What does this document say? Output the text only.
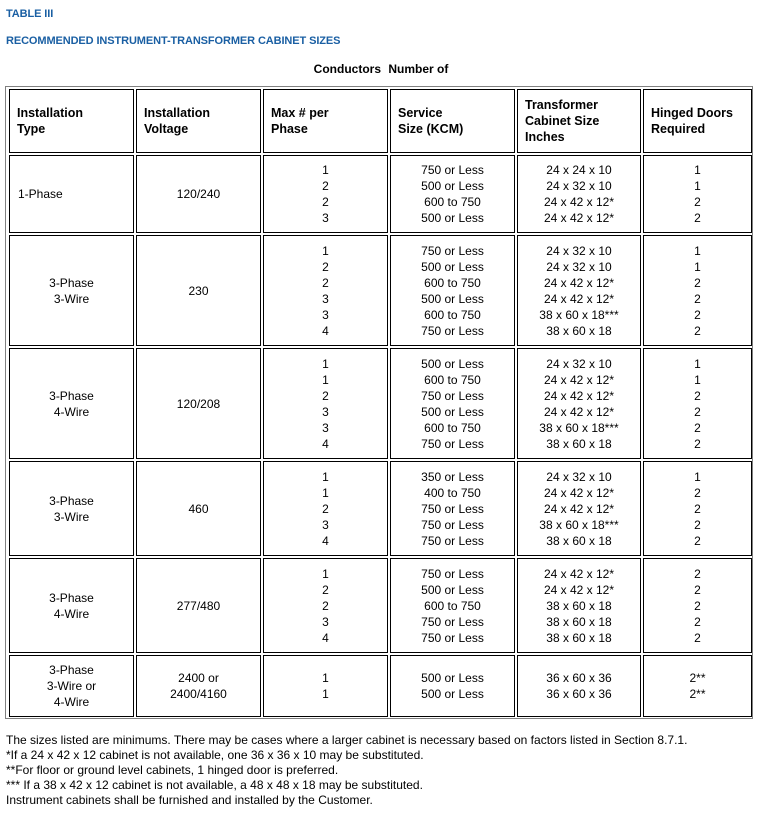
TABLE III
RECOMMENDED INSTRUMENT-TRANSFORMER CABINET SIZES
Conductors Number of
Installation
Type
Installation
Voltage
Max # per
Phase
Service
Size (KCM)
Transformer
Cabinet Size
Inches
Hinged Doors
Required
1-Phase	120/240
1
2
2
3
750 or Less
500 or Less
600 to 750
500 or Less
24 x 24 x 10
24 x 32 x 10
24 x 42 x 12*
24 x 42 x 12*
1
1
2
2
3-Phase
3-Wire
230
1
2
2
3
3
4
750 or Less
500 or Less
600 to 750
500 or Less
600 to 750
750 or Less
24 x 32 x 10
24 x 32 x 10
24 x 42 x 12*
24 x 42 x 12*
38 x 60 x 18***
38 x 60 x 18
1
1
2
2
2
2
3-Phase
4-Wire
120/208
1
1
2
3
3
4
500 or Less
600 to 750
750 or Less
500 or Less
600 to 750
750 or Less
24 x 32 x 10
24 x 42 x 12*
24 x 42 x 12*
24 x 42 x 12*
38 x 60 x 18***
38 x 60 x 18
1
1
2
2
2
2
3-Phase
3-Wire
460
1
1
2
3
4
350 or Less
400 to 750
750 or Less
750 or Less
750 or Less
24 x 32 x 10
24 x 42 x 12*
24 x 42 x 12*
38 x 60 x 18***
38 x 60 x 18
1
2
2
2
2
3-Phase
4-Wire
277/480
1
2
2
3
4
750 or Less
500 or Less
600 to 750
750 or Less
750 or Less
24 x 42 x 12*
24 x 42 x 12*
38 x 60 x 18
38 x 60 x 18
38 x 60 x 18
2
2
2
2
2
3-Phase
3-Wire or
4-Wire
2400 or
2400/4160
1
1
500 or Less
500 or Less
36 x 60 x 36
36 x 60 x 36
2**
2**
The sizes listed are minimums. There may be cases where a larger cabinet is necessary based on factors listed in Section 8.7.1.
*If a 24 x 42 x 12 cabinet is not available, one 36 x 36 x 10 may be substituted.
**For floor or ground level cabinets, 1 hinged door is preferred.
*** If a 38 x 42 x 12 cabinet is not available, a 48 x 48 x 18 may be substituted.
Instrument cabinets shall be furnished and installed by the Customer.
